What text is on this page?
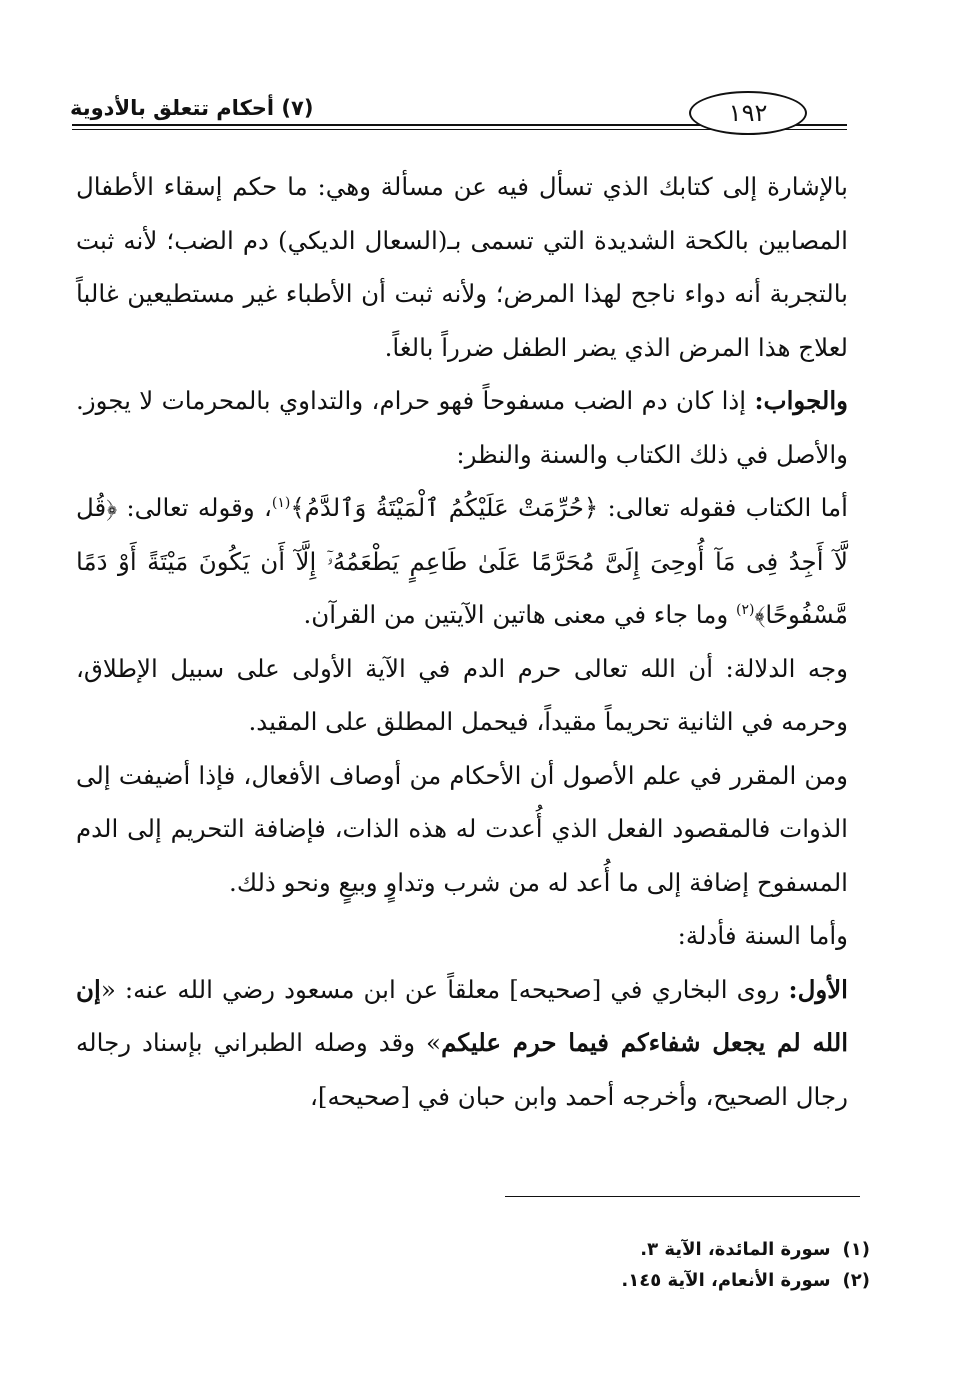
(٧) أحكام تتعلق بالأدوية	١٩٢

بالإشارة إلى كتابك الذي تسأل فيه عن مسألة وهي: ما حكم إسقاء الأطفال المصابين بالكحة الشديدة التي تسمى بـ(السعال الديكي) دم الضب؛ لأنه ثبت بالتجربة أنه دواء ناجح لهذا المرض؛ ولأنه ثبت أن الأطباء غير مستطيعين غالباً لعلاج هذا المرض الذي يضر الطفل ضرراً بالغاً.

والجواب: إذا كان دم الضب مسفوحاً فهو حرام، والتداوي بالمحرمات لا يجوز. والأصل في ذلك الكتاب والسنة والنظر:

أما الكتاب فقوله تعالى: ﴿حُرِّمَتْ عَلَيْكُمُ ٱلْمَيْتَةُ وَٱلدَّمُ﴾$^{(١)}$، وقوله تعالى: ﴿قُل لَّآ أَجِدُ فِى مَآ أُوحِىَ إِلَىَّ مُحَرَّمًا عَلَىٰ طَاعِمٍ يَطْعَمُهُۥٓ إِلَّآ أَن يَكُونَ مَيْتَةً أَوْ دَمًا مَّسْفُوحًا﴾$^{(٢)}$ وما جاء في معنى هاتين الآيتين من القرآن.

وجه الدلالة: أن الله تعالى حرم الدم في الآية الأولى على سبيل الإطلاق، وحرمه في الثانية تحريماً مقيداً، فيحمل المطلق على المقيد.

ومن المقرر في علم الأصول أن الأحكام من أوصاف الأفعال، فإذا أضيفت إلى الذوات فالمقصود الفعل الذي أُعدت له هذه الذات، فإضافة التحريم إلى الدم المسفوح إضافة إلى ما أُعد له من شرب وتداوٍ وبيعٍ ونحو ذلك.

وأما السنة فأدلة:

الأول: روى البخاري في [صحيحه] معلقاً عن ابن مسعود رضي الله عنه: «إن الله لم يجعل شفاءكم فيما حرم عليكم» وقد وصله الطبراني بإسناد رجاله رجال الصحيح، وأخرجه أحمد وابن حبان في [صحيحه]،

(١)
سورة المائدة، الآية ٣.
(٢)
سورة الأنعام، الآية ١٤٥.
